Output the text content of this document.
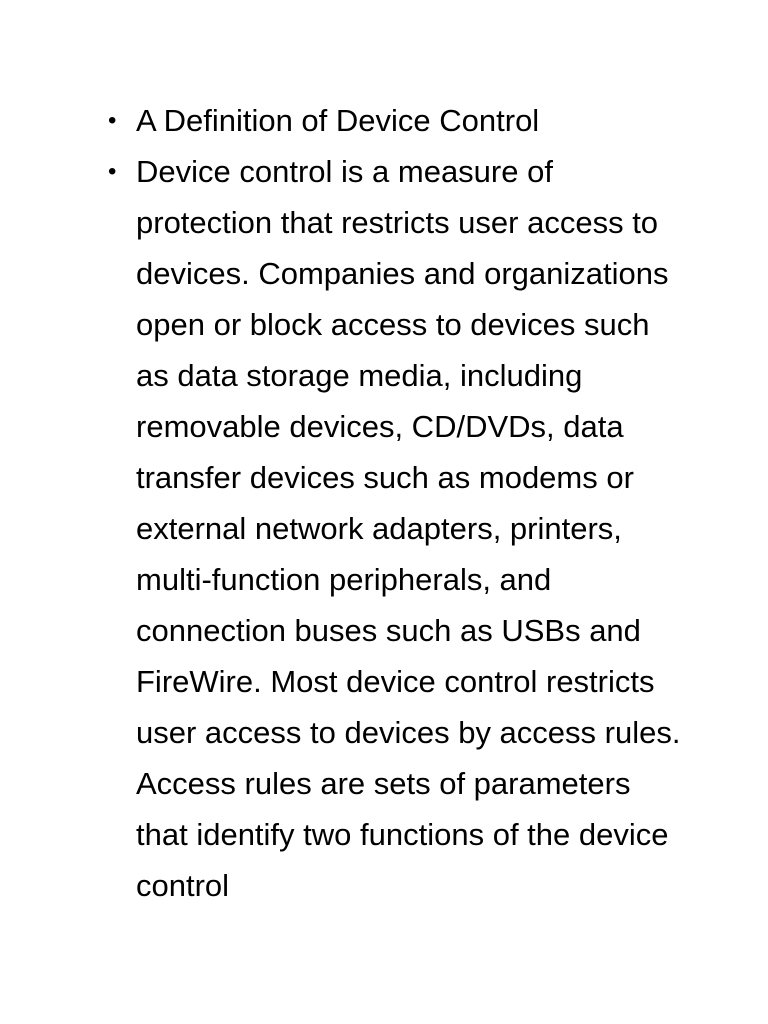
• A Definition of Device Control
• Device control is a measure of protection that restricts user access to devices. Companies and organizations open or block access to devices such as data storage media, including removable devices, CD/DVDs, data transfer devices such as modems or external network adapters, printers, multi-function peripherals, and connection buses such as USBs and FireWire. Most device control restricts user access to devices by access rules. Access rules are sets of parameters that identify two functions of the device control
